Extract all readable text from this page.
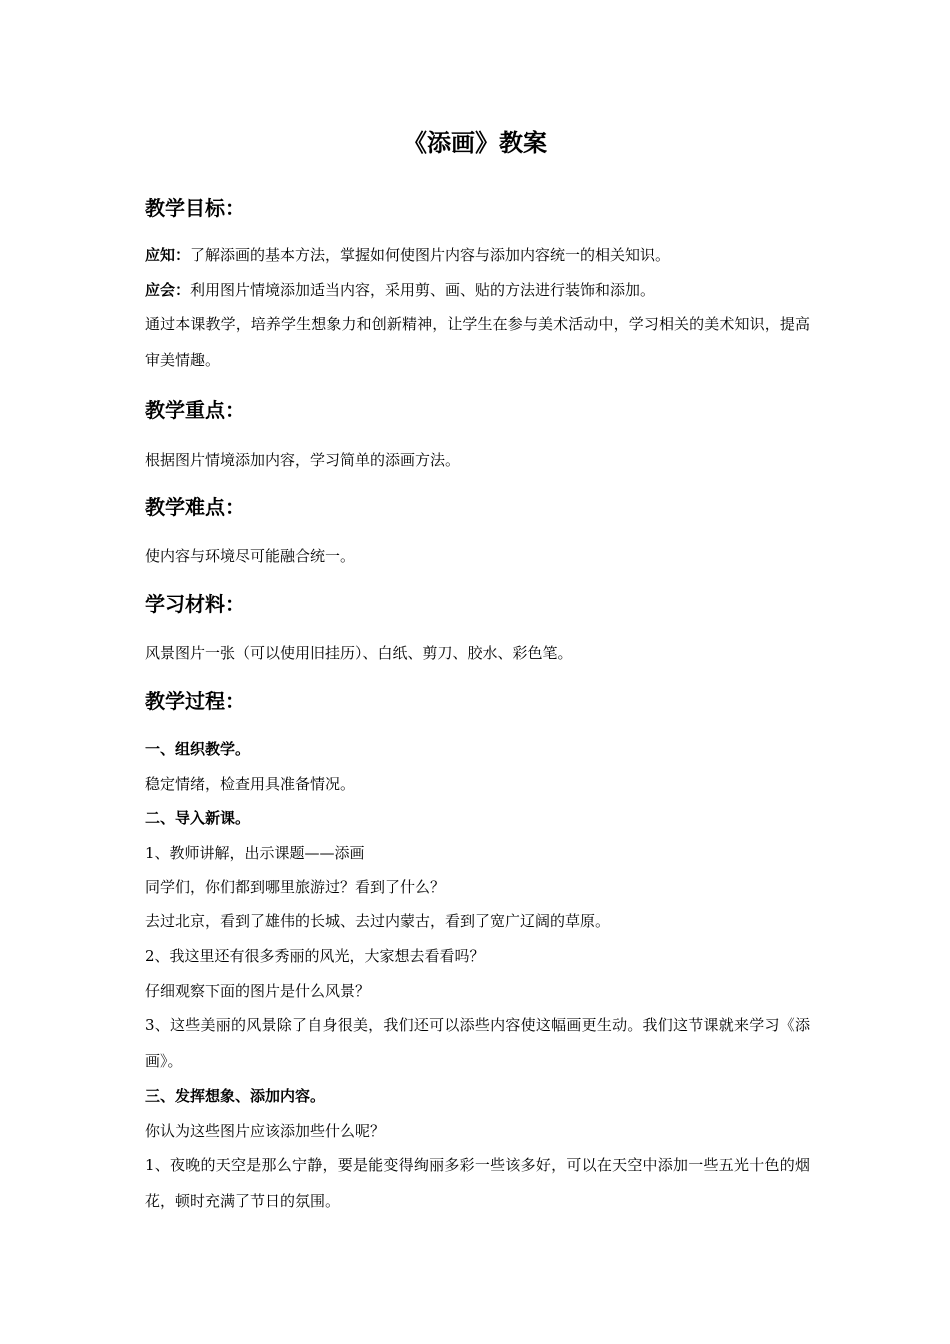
《添画》教案
教学目标：

应知：了解添画的基本方法，掌握如何使图片内容与添加内容统一的相关知识。

应会：利用图片情境添加适当内容，采用剪、画、贴的方法进行装饰和添加。

通过本课教学，培养学生想象力和创新精神，让学生在参与美术活动中，学习相关的美术知识，提高审美情趣。

教学重点：

根据图片情境添加内容，学习简单的添画方法。

教学难点：

使内容与环境尽可能融合统一。

学习材料：

风景图片一张（可以使用旧挂历）、白纸、剪刀、胶水、彩色笔。

教学过程：

一、组织教学。

稳定情绪，检查用具准备情况。

二、导入新课。

1、教师讲解，出示课题——添画

同学们，你们都到哪里旅游过？看到了什么？

去过北京，看到了雄伟的长城、去过内蒙古，看到了宽广辽阔的草原。

2、我这里还有很多秀丽的风光，大家想去看看吗？

仔细观察下面的图片是什么风景？

3、这些美丽的风景除了自身很美，我们还可以添些内容使这幅画更生动。我们这节课就来学习《添画》。

三、发挥想象、添加内容。

你认为这些图片应该添加些什么呢？

1、夜晚的天空是那么宁静，要是能变得绚丽多彩一些该多好，可以在天空中添加一些五光十色的烟花，顿时充满了节日的氛围。
